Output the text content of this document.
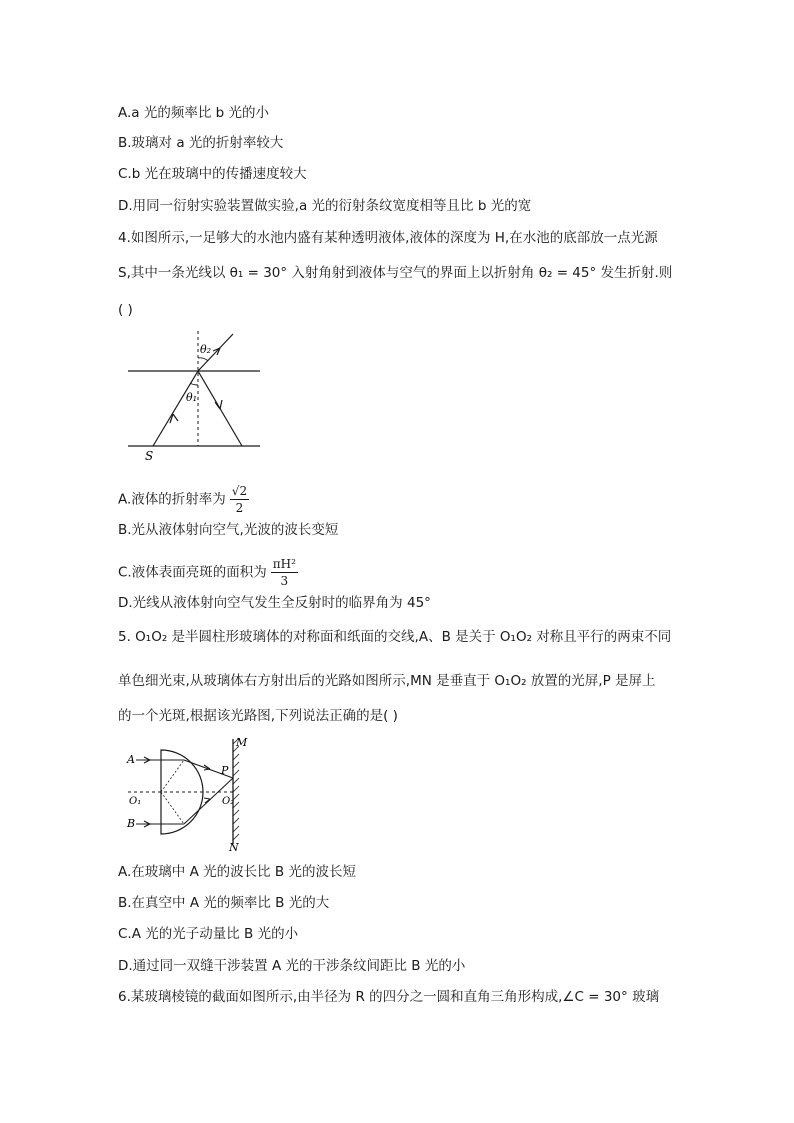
A.a 光的频率比 b 光的小
B.玻璃对 a 光的折射率较大
C.b 光在玻璃中的传播速度较大
D.用同一衍射实验装置做实验,a 光的衍射条纹宽度相等且比 b 光的宽
4.如图所示,一足够大的水池内盛有某种透明液体,液体的深度为 H,在水池的底部放一点光源
S,其中一条光线以 θ₁ = 30° 入射角射到液体与空气的界面上以折射角 θ₂ = 45° 发生折射.则
( )
θ₂
θ₁
S
A.液体的折射率为 $\frac{√2}{2}$
B.光从液体射向空气,光波的波长变短
C.液体表面亮斑的面积为 $\frac{\text{πH²}}{3}$
D.光线从液体射向空气发生全反射时的临界角为 45°
5. O₁O₂ 是半圆柱形玻璃体的对称面和纸面的交线,A、B 是关于 O₁O₂ 对称且平行的两束不同
单色细光束,从玻璃体右方射出后的光路如图所示,MN 是垂直于 O₁O₂ 放置的光屏,P 是屏上
的一个光斑,根据该光路图,下列说法正确的是( )
M
A
P
O₁	O₂
B
N
A.在玻璃中 A 光的波长比 B 光的波长短
B.在真空中 A 光的频率比 B 光的大
C.A 光的光子动量比 B 光的小
D.通过同一双缝干涉装置 A 光的干涉条纹间距比 B 光的小
6.某玻璃棱镜的截面如图所示,由半径为 R 的四分之一圆和直角三角形构成,∠C = 30° 玻璃
